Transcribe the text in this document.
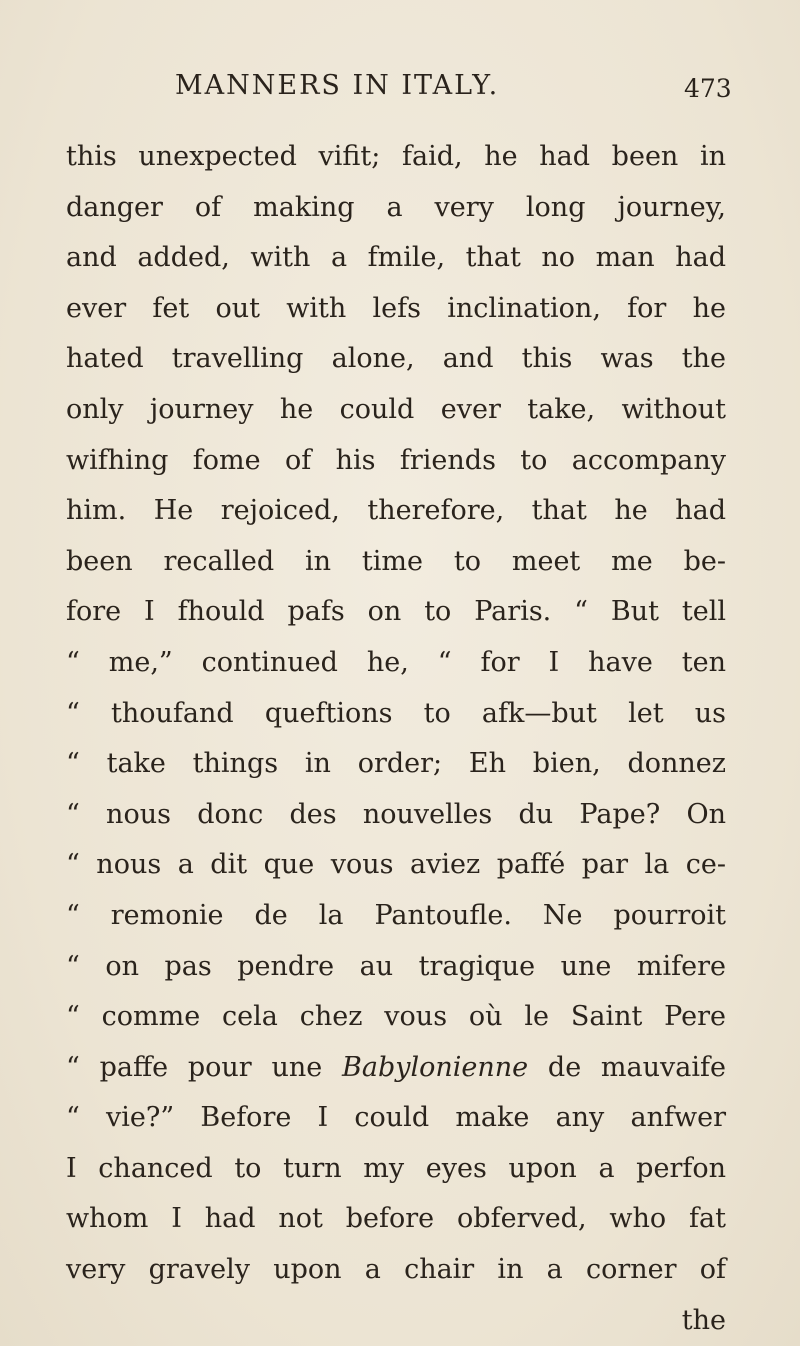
MANNERS IN ITALY.	473
this unexpected vifit; faid, he had been in
danger of making a very long journey,
and added, with a fmile, that no man had
ever fet out with lefs inclination, for he
hated travelling alone, and this was the
only journey he could ever take, without
wifhing fome of his friends to accompany
him. He rejoiced, therefore, that he had
been recalled in time to meet me be-
fore I fhould pafs on to Paris. “ But tell
“ me,” continued he, “ for I have ten
“ thoufand queftions to afk—but let us
“ take things in order; Eh bien, donnez
“ nous donc des nouvelles du Pape? On
“ nous a dit que vous aviez paffé par la ce-
“ remonie de la Pantoufle. Ne pourroit
“ on pas pendre au tragique une mifere
“ comme cela chez vous où le Saint Pere
“ paffe pour une Babylonienne de mauvaife
“ vie?” Before I could make any anfwer
I chanced to turn my eyes upon a perfon
whom I had not before obferved, who fat
very gravely upon a chair in a corner of
the
